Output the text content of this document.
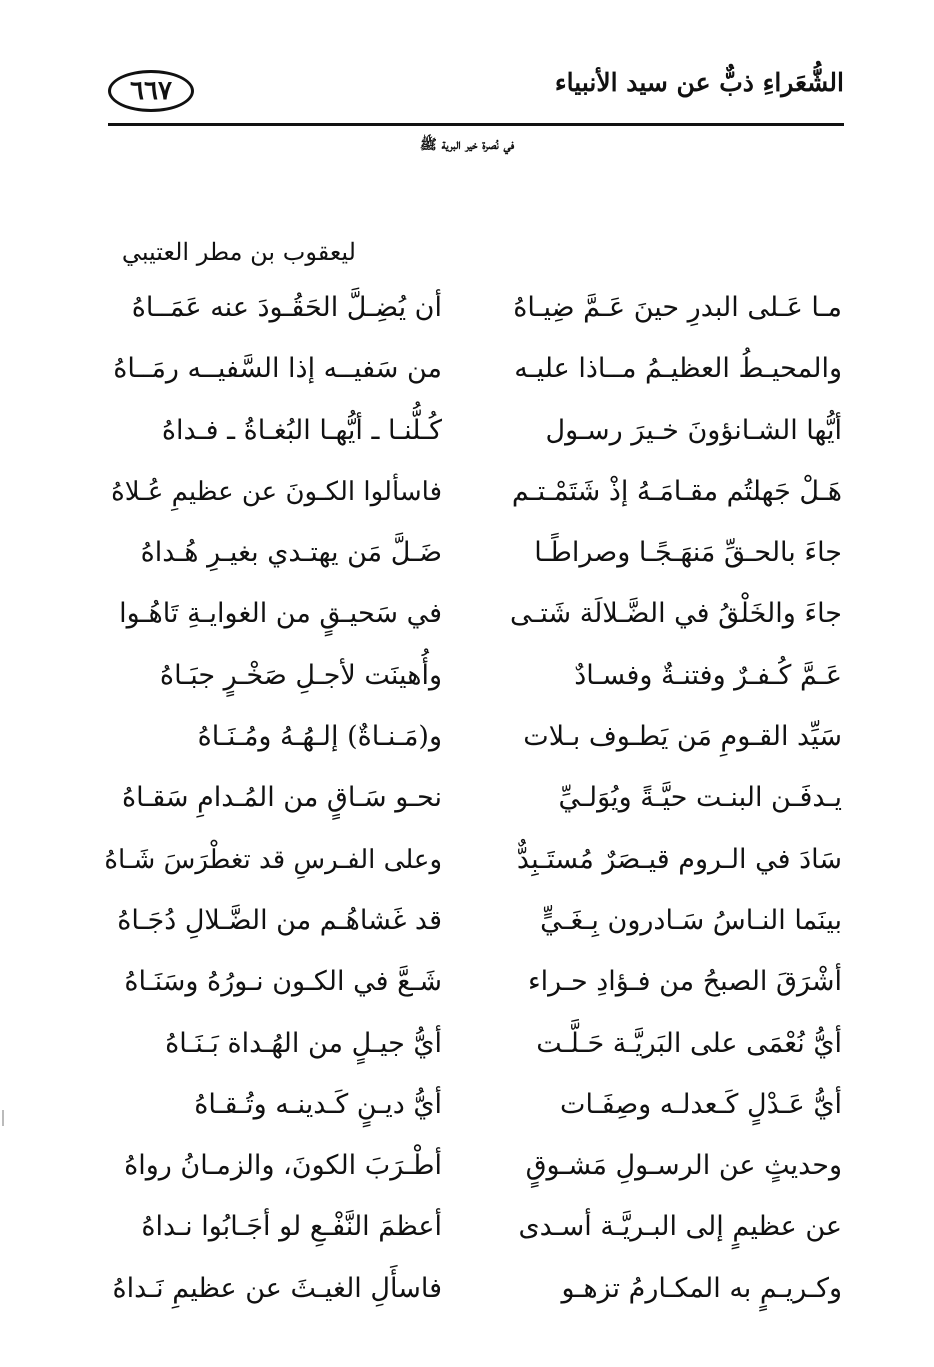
الشُّعَراءِ ذبٌّ عن سيد الأنبياء
٦٦٧
في نُصرة خير البرية ﷺ
ليعقوب بن مطر العتيبي
مـا عَـلى البدرِ حينَ عَـمَّ ضِيـاهُ
أن يُضِـلَّ الحَقُـودَ عنه عَمَــاهُ
والمحيـطُ العظيـمُ مــاذا عليـه
من سَفيــه إذا السَّفيــه رمَــاهُ
أيُّها الشـانؤونَ خـيرَ رسـول
كُـلُّنـا ـ أيُّهـا البُغـاةُ ـ فـداهُ
هَـلْ جَهلتُم مقـامَـهُ إذْ شَتَمْـتـم
فاسألوا الكـونَ عن عظيمِ عُـلاهُ
جاءَ بالحـقِّ مَنهَـجًـا وصراطًـا
ضَـلَّ مَن يهتـدي بغيـرِ هُـداهُ
جاءَ والخَلْقُ في الضَّـلالَة شَتـى
في سَحيـقٍ من الغوايـةِ تَاهُـوا
عَـمَّ كُـفـرٌ وفتنـةٌ وفسـادٌ
وأُهينَت لأجـلِ صَخْـرٍ جبَـاهُ
سَيِّد القـومِ مَن يَطـوف بـلات
و(مَـنـاةٌ) إلـهُـهُ ومُـنَـاهُ
يـدفَـن البنـت حيَّـةً ويُوَلـيِّ
نحـو سَـاقٍ من المُـدامِ سَقـاهُ
سَادَ في الـروم قيـصَرٌ مُستَـبِدٌّ
وعلى الفـرسِ قد تغطْرَسَ شَـاهُ
بينَما النـاسُ سَـادرون بِـغَـيٍّ
قد غَشاهُـم من الضَّـلالِ دُجَـاهُ
أشْرَقَ الصبحُ من فـؤادِ حـراء
شَـعَّ في الكـون نـورُهُ وسَنَـاهُ
أيُّ نُعْمَى على البَريَّـة حَـلَّـت
أيُّ جيـلٍ من الهُـداة بَـنَـاهُ
أيُّ عَـدْلٍ كَـعدلـه وصِفَـات
أيُّ ديـنٍ كَـدينـه وتُـقـاهُ
وحديثٍ عن الرسـولِ مَشـوقٍ
أطْـرَبَ الكونَ، والزمـانُ رواهُ
عن عظيمٍ إلى البـريَّـة أسـدى
أعظمَ النَّفْـعِ لو أجَـابُوا نـداهُ
وكـريـمٍ به المكـارمُ تزهـو
فاسأَلِ الغيـثَ عن عظيمِ نَـداهُ
